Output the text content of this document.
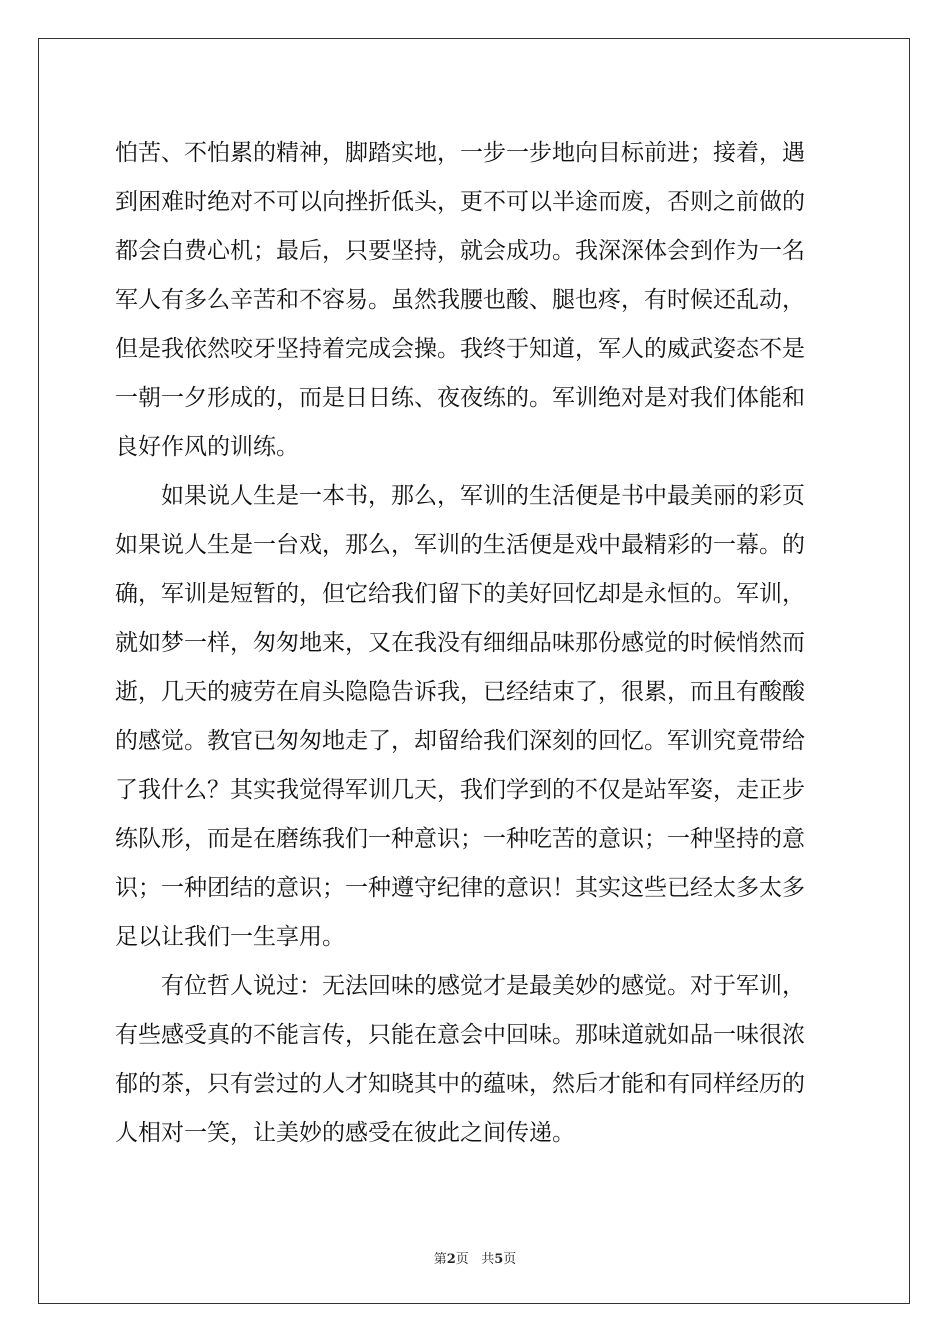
怕苦、不怕累的精神，脚踏实地，一步一步地向目标前进；接着，遇
到困难时绝对不可以向挫折低头，更不可以半途而废，否则之前做的
都会白费心机；最后，只要坚持，就会成功。我深深体会到作为一名
军人有多么辛苦和不容易。虽然我腰也酸、腿也疼，有时候还乱动，
但是我依然咬牙坚持着完成会操。我终于知道，军人的威武姿态不是
一朝一夕形成的，而是日日练、夜夜练的。军训绝对是对我们体能和
良好作风的训练。
　　如果说人生是一本书，那么，军训的生活便是书中最美丽的彩页
如果说人生是一台戏，那么，军训的生活便是戏中最精彩的一幕。的
确，军训是短暂的，但它给我们留下的美好回忆却是永恒的。军训，
就如梦一样，匆匆地来，又在我没有细细品味那份感觉的时候悄然而
逝，几天的疲劳在肩头隐隐告诉我，已经结束了，很累，而且有酸酸
的感觉。教官已匆匆地走了，却留给我们深刻的回忆。军训究竟带给
了我什么？其实我觉得军训几天，我们学到的不仅是站军姿，走正步
练队形，而是在磨练我们一种意识；一种吃苦的意识；一种坚持的意
识；一种团结的意识；一种遵守纪律的意识！其实这些已经太多太多
足以让我们一生享用。
　　有位哲人说过：无法回味的感觉才是最美妙的感觉。对于军训，
有些感受真的不能言传，只能在意会中回味。那味道就如品一味很浓
郁的茶，只有尝过的人才知晓其中的蕴味，然后才能和有同样经历的
人相对一笑，让美妙的感受在彼此之间传递。
第2页 共5页
